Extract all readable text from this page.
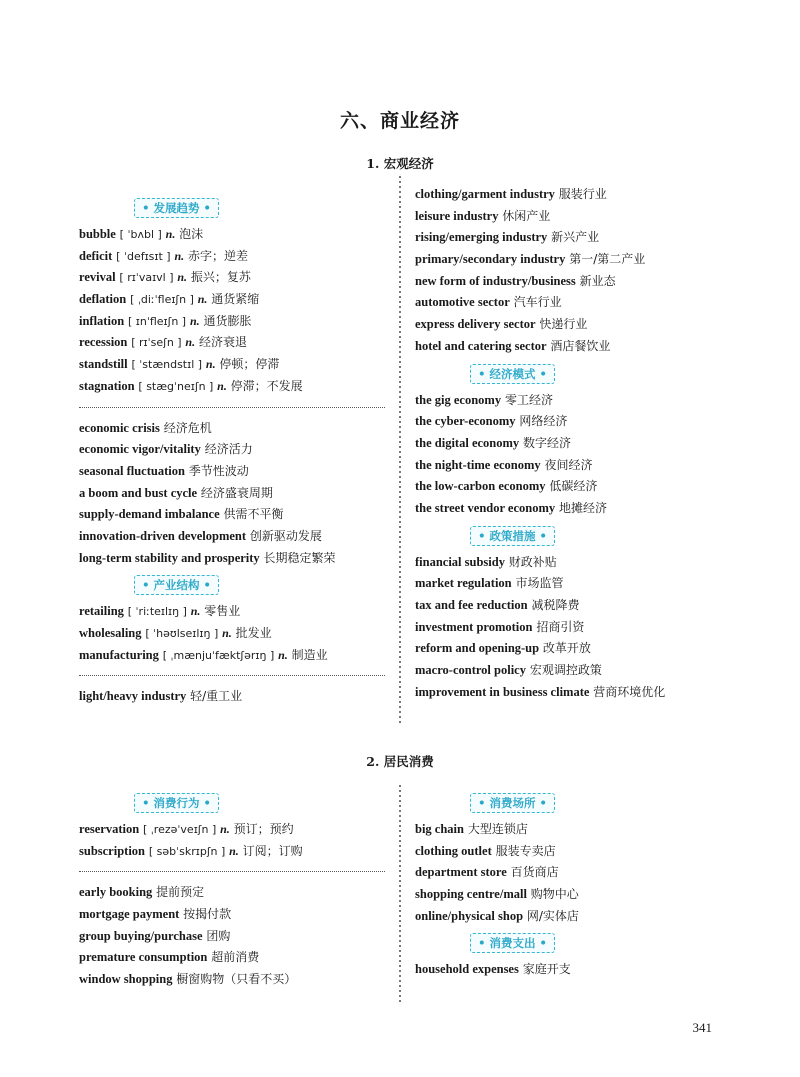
六、商业经济
1. 宏观经济
• 发展趋势 •
bubble [ ˈbʌbl ] n. 泡沫
deficit [ ˈdefɪsɪt ] n. 赤字；逆差
revival [ rɪˈvaɪvl ] n. 振兴；复苏
deflation [ ˌdiːˈfleɪʃn ] n. 通货紧缩
inflation [ ɪnˈfleɪʃn ] n. 通货膨胀
recession [ rɪˈseʃn ] n. 经济衰退
standstill [ ˈstændstɪl ] n. 停顿；停滞
stagnation [ stægˈneɪʃn ] n. 停滞；不发展
economic crisis 经济危机
economic vigor/vitality 经济活力
seasonal fluctuation 季节性波动
a boom and bust cycle 经济盛衰周期
supply-demand imbalance 供需不平衡
innovation-driven development 创新驱动发展
long-term stability and prosperity 长期稳定繁荣
• 产业结构 •
retailing [ ˈriːteɪlɪŋ ] n. 零售业
wholesaling [ ˈhəʊlseɪlɪŋ ] n. 批发业
manufacturing [ ˌmænjuˈfæktʃərɪŋ ] n. 制造业
light/heavy industry 轻/重工业
clothing/garment industry 服装行业
leisure industry 休闲产业
rising/emerging industry 新兴产业
primary/secondary industry 第一/第二产业
new form of industry/business 新业态
automotive sector 汽车行业
express delivery sector 快递行业
hotel and catering sector 酒店餐饮业
• 经济模式 •
the gig economy 零工经济
the cyber-economy 网络经济
the digital economy 数字经济
the night-time economy 夜间经济
the low-carbon economy 低碳经济
the street vendor economy 地摊经济
• 政策措施 •
financial subsidy 财政补贴
market regulation 市场监管
tax and fee reduction 减税降费
investment promotion 招商引资
reform and opening-up 改革开放
macro-control policy 宏观调控政策
improvement in business climate 营商环境优化
2. 居民消费
• 消费行为 •
reservation [ ˌrezəˈveɪʃn ] n. 预订；预约
subscription [ səbˈskrɪpʃn ] n. 订阅；订购
early booking 提前预定
mortgage payment 按揭付款
group buying/purchase 团购
premature consumption 超前消费
window shopping 橱窗购物（只看不买）
• 消费场所 •
big chain 大型连锁店
clothing outlet 服装专卖店
department store 百货商店
shopping centre/mall 购物中心
online/physical shop 网/实体店
• 消费支出 •
household expenses 家庭开支
341
